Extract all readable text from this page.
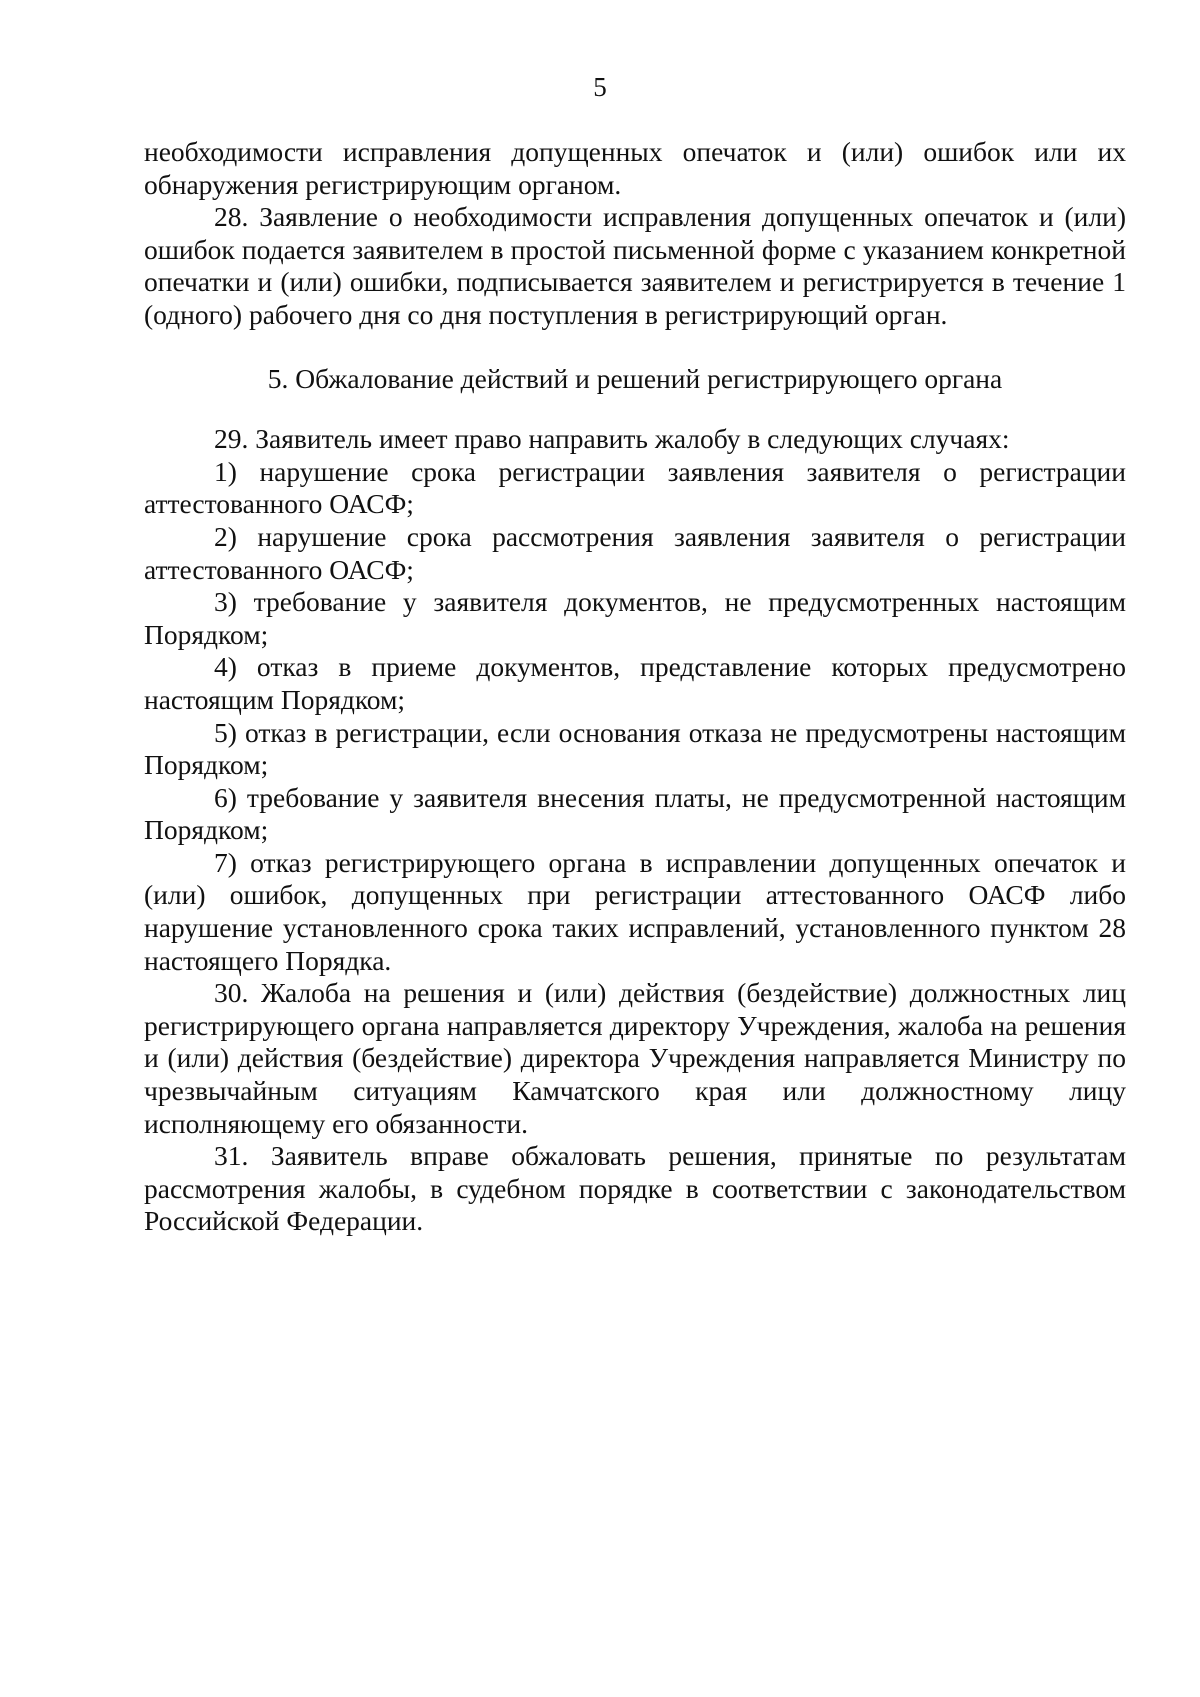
5

необходимости исправления допущенных опечаток и (или) ошибок или их обнаружения регистрирующим органом.

28. Заявление о необходимости исправления допущенных опечаток и (или) ошибок подается заявителем в простой письменной форме с указанием конкретной опечатки и (или) ошибки, подписывается заявителем и регистрируется в течение 1 (одного) рабочего дня со дня поступления в регистрирующий орган.

5. Обжалование действий и решений регистрирующего органа

29. Заявитель имеет право направить жалобу в следующих случаях:

1) нарушение срока регистрации заявления заявителя о регистрации аттестованного ОАСФ;

2) нарушение срока рассмотрения заявления заявителя о регистрации аттестованного ОАСФ;

3) требование у заявителя документов, не предусмотренных настоящим Порядком;

4) отказ в приеме документов, представление которых предусмотрено настоящим Порядком;

5) отказ в регистрации, если основания отказа не предусмотрены настоящим Порядком;

6) требование у заявителя внесения платы, не предусмотренной настоящим Порядком;

7) отказ регистрирующего органа в исправлении допущенных опечаток и (или) ошибок, допущенных при регистрации аттестованного ОАСФ либо нарушение установленного срока таких исправлений, установленного пунктом 28 настоящего Порядка.

30. Жалоба на решения и (или) действия (бездействие) должностных лиц регистрирующего органа направляется директору Учреждения, жалоба на решения и (или) действия (бездействие) директора Учреждения направляется Министру по чрезвычайным ситуациям Камчатского края или должностному лицу исполняющему его обязанности.

31. Заявитель вправе обжаловать решения, принятые по результатам рассмотрения жалобы, в судебном порядке в соответствии с законодательством Российской Федерации.
